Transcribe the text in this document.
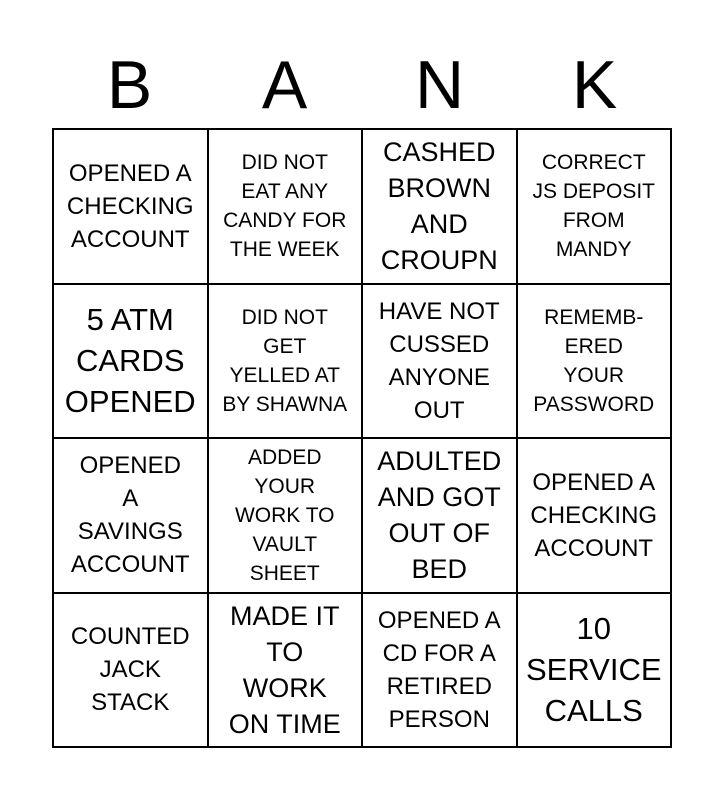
B	A	N	K
OPENED A
CHECKING
ACCOUNT
DID NOT
EAT ANY
CANDY FOR
THE WEEK
CASHED
BROWN
AND
CROUPN
CORRECT
JS DEPOSIT
FROM
MANDY
5 ATM
CARDS
OPENED
DID NOT
GET
YELLED AT
BY SHAWNA
HAVE NOT
CUSSED
ANYONE
OUT
REMEMB-
ERED
YOUR
PASSWORD
OPENED
A
SAVINGS
ACCOUNT
ADDED
YOUR
WORK TO
VAULT
SHEET
ADULTED
AND GOT
OUT OF
BED
OPENED A
CHECKING
ACCOUNT
COUNTED
JACK
STACK
MADE IT
TO
WORK
ON TIME
OPENED A
CD FOR A
RETIRED
PERSON
10
SERVICE
CALLS
